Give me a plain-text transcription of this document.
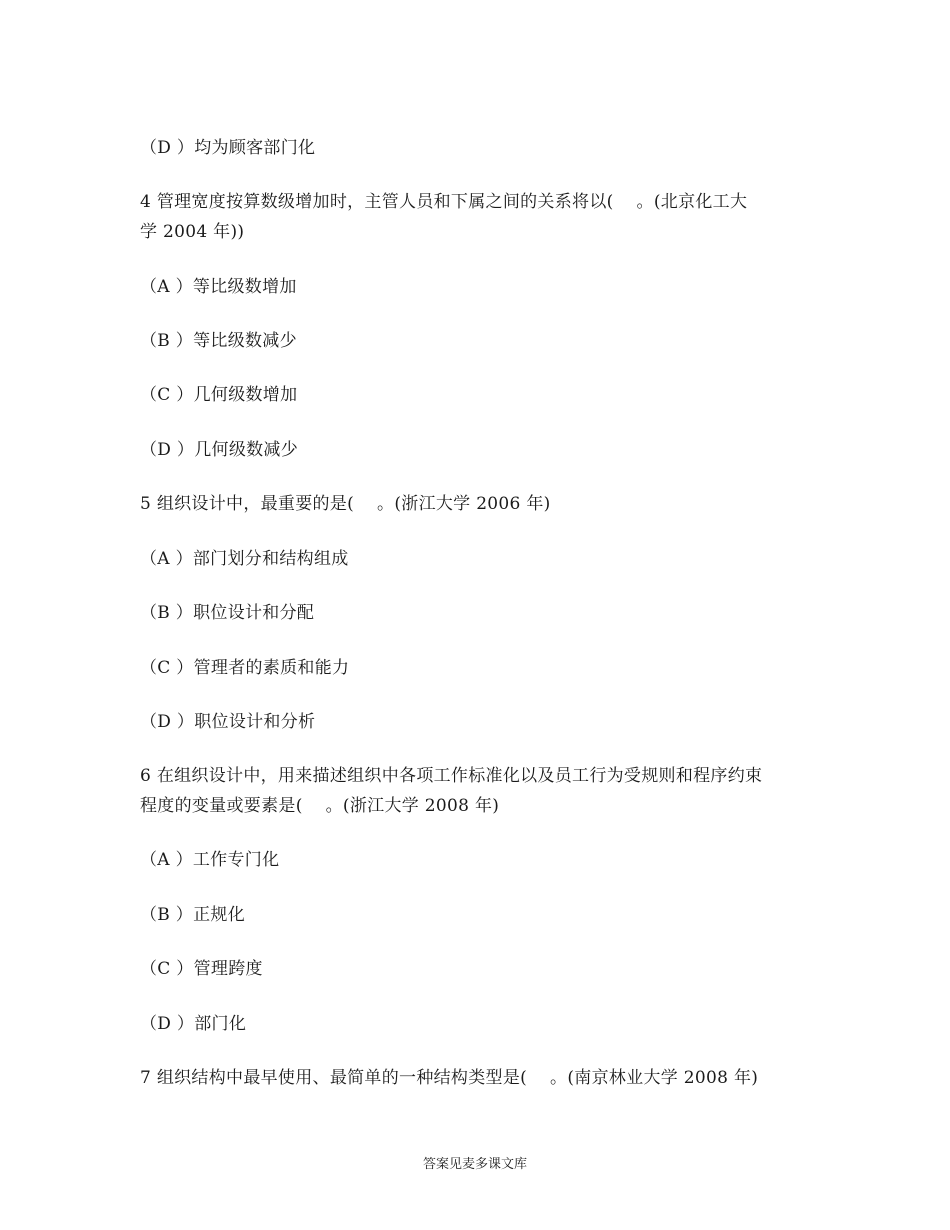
（D ）均为顾客部门化
4 管理宽度按算数级增加时，主管人员和下属之间的关系将以(　 。(北京化工大
学 2004 年))
（A ）等比级数增加
（B ）等比级数减少
（C ）几何级数增加
（D ）几何级数减少
5 组织设计中，最重要的是(　 。(浙江大学 2006 年)
（A ）部门划分和结构组成
（B ）职位设计和分配
（C ）管理者的素质和能力
（D ）职位设计和分析
6 在组织设计中，用来描述组织中各项工作标准化以及员工行为受规则和程序约束
程度的变量或要素是(　 。(浙江大学 2008 年)
（A ）工作专门化
（B ）正规化
（C ）管理跨度
（D ）部门化
7 组织结构中最早使用、最简单的一种结构类型是(　 。(南京林业大学 2008 年)
答案见麦多课文库
